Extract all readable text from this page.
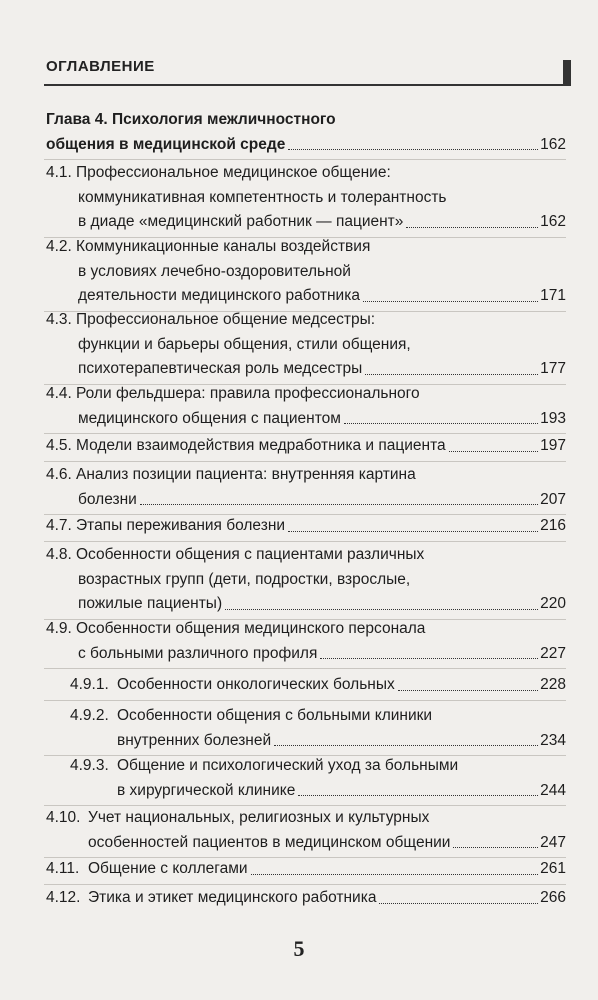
ОГЛАВЛЕНИЕ
Глава 4. Психология межличностного
общения в медицинской среде	162
4.1. Профессиональное медицинское общение:
коммуникативная компетентность и толерантность
в диаде «медицинский работник — пациент»	162
4.2. Коммуникационные каналы воздействия
в условиях лечебно-оздоровительной
деятельности медицинского работника	171
4.3. Профессиональное общение медсестры:
функции и барьеры общения, стили общения,
психотерапевтическая роль медсестры	177
4.4. Роли фельдшера: правила профессионального
медицинского общения с пациентом	193
4.5. Модели взаимодействия медработника и пациента	197
4.6. Анализ позиции пациента: внутренняя картина
болезни	207
4.7. Этапы переживания болезни	216
4.8. Особенности общения с пациентами различных
возрастных групп (дети, подростки, взрослые,
пожилые пациенты)	220
4.9. Особенности общения медицинского персонала
с больными различного профиля	227
4.9.1. Особенности онкологических больных	228
4.9.2. Особенности общения с больными клиники
внутренних болезней	234
4.9.3. Общение и психологический уход за больными
в хирургической клинике	244
4.10. Учет национальных, религиозных и культурных
особенностей пациентов в медицинском общении	247
4.11. Общение с коллегами	261
4.12. Этика и этикет медицинского работника	266
5
